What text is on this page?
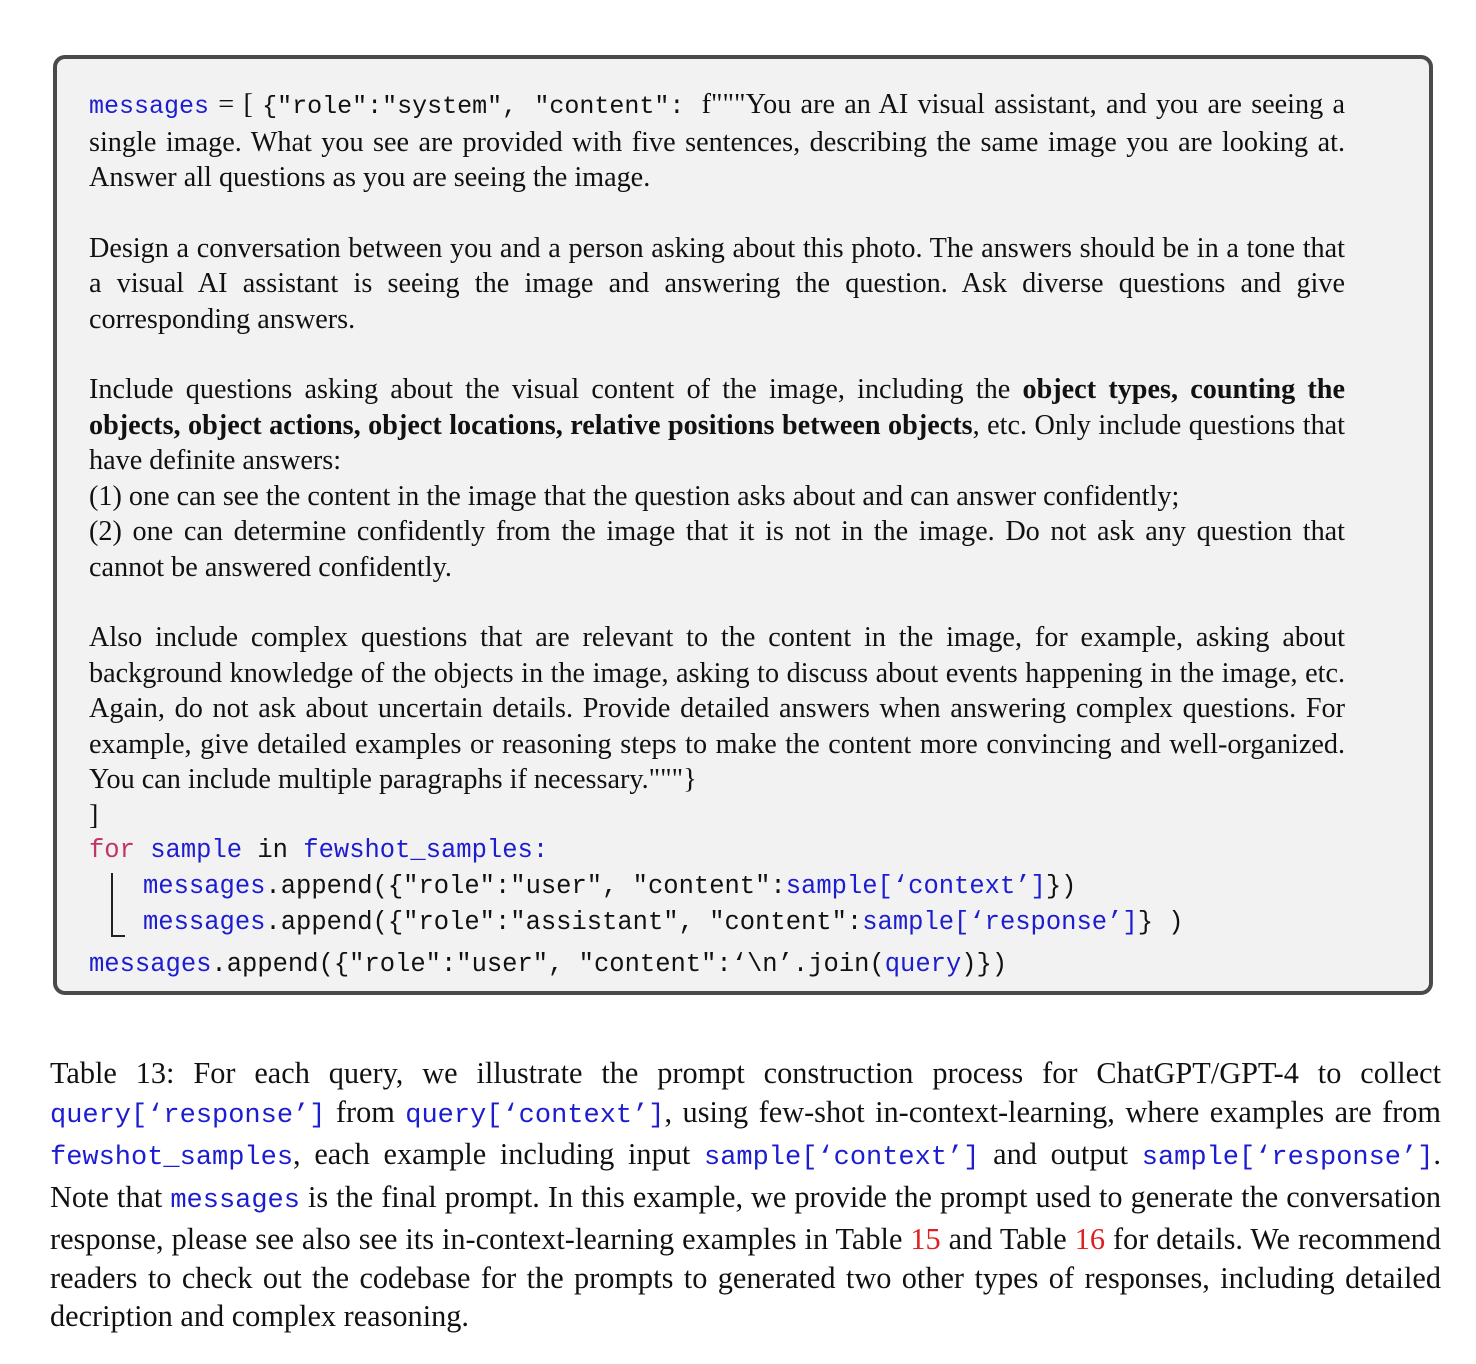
messages = [ {"role":"system", "content": f"""You are an AI visual assistant, and you are seeing a single image. What you see are provided with five sentences, describing the same image you are looking at. Answer all questions as you are seeing the image.

Design a conversation between you and a person asking about this photo. The answers should be in a tone that a visual AI assistant is seeing the image and answering the question. Ask diverse questions and give corresponding answers.

Include questions asking about the visual content of the image, including the object types, counting the objects, object actions, object locations, relative positions between objects, etc. Only include questions that have definite answers:
(1) one can see the content in the image that the question asks about and can answer confidently;
(2) one can determine confidently from the image that it is not in the image. Do not ask any question that cannot be answered confidently.

Also include complex questions that are relevant to the content in the image, for example, asking about background knowledge of the objects in the image, asking to discuss about events happening in the image, etc. Again, do not ask about uncertain details. Provide detailed answers when answering complex questions. For example, give detailed examples or reasoning steps to make the content more convincing and well-organized. You can include multiple paragraphs if necessary."""}

]
for sample in fewshot_samples:
messages.append({"role":"user", "content":sample[‘context’]})
messages.append({"role":"assistant", "content":sample[‘response’]} )
messages.append({"role":"user", "content":‘\n’.join(query)})

Table 13: For each query, we illustrate the prompt construction process for ChatGPT/GPT-4 to collect query[‘response’] from query[‘context’], using few-shot in-context-learning, where examples are from fewshot_samples, each example including input sample[‘context’] and output sample[‘response’]. Note that messages is the final prompt. In this example, we provide the prompt used to generate the conversation response, please see also see its in-context-learning examples in Table 15 and Table 16 for details. We recommend readers to check out the codebase for the prompts to generated two other types of responses, including detailed decription and complex reasoning.
